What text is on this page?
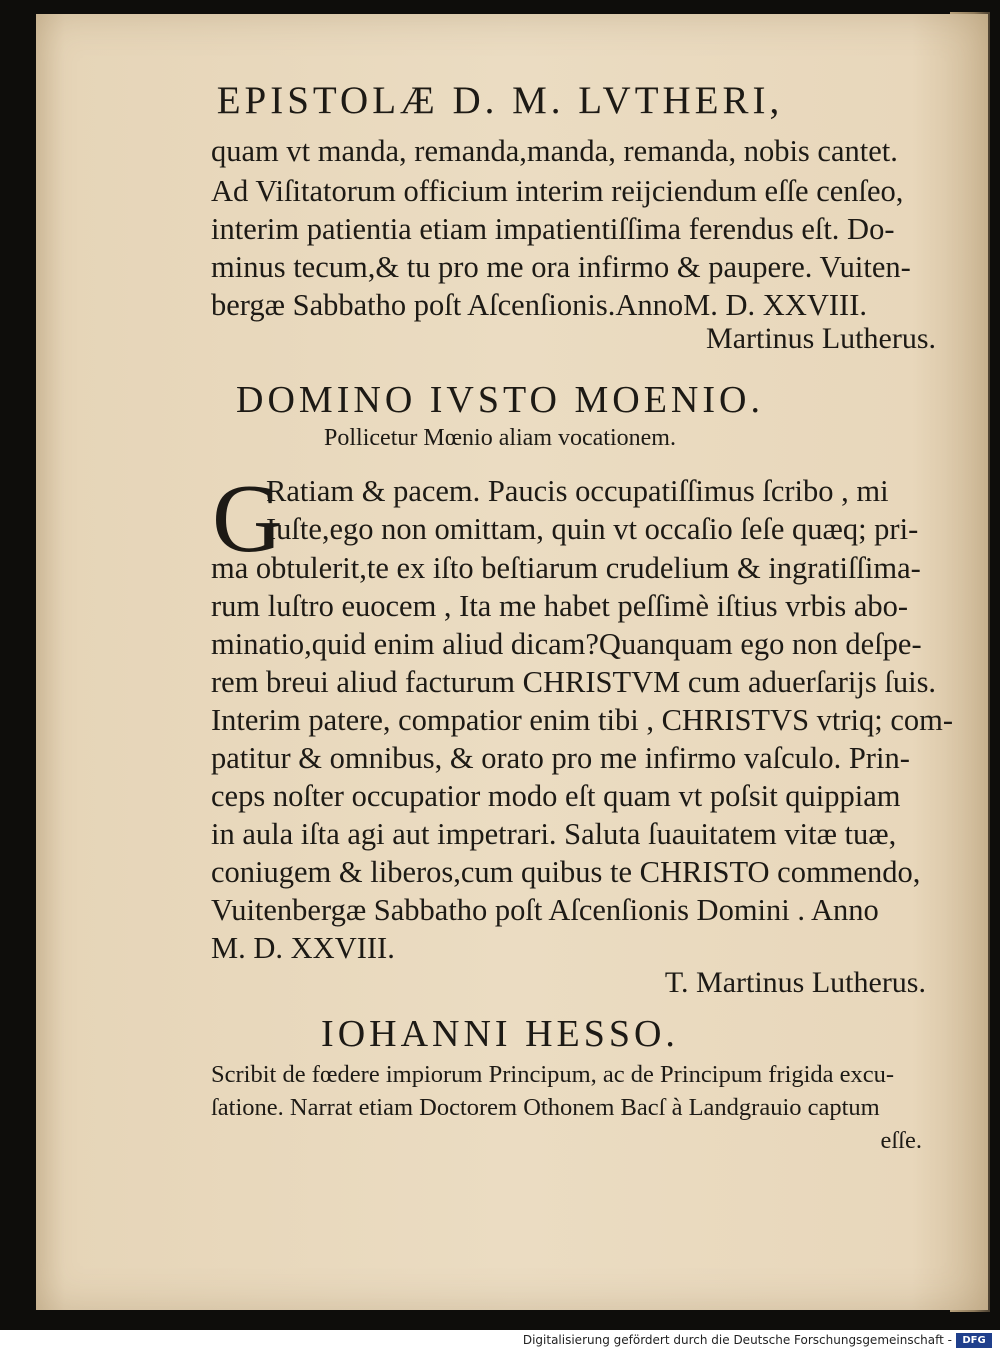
EPISTOLÆ D. M. LVTHERI,
quam vt manda, remanda,manda, remanda, nobis cantet.
Ad Viſitatorum officium interim reijciendum eſſe cenſeo,
interim patientia etiam impatientiſſima ferendus eſt. Do-
minus tecum,& tu pro me ora infirmo & paupere. Vuiten-
bergæ Sabbatho poſt Aſcenſionis.AnnoM. D. XXVIII.
Martinus Lutherus.
DOMINO IVSTO MOENIO.
Pollicetur Mœnio aliam vocationem.
G
Ratiam & pacem. Paucis occupatiſſimus ſcribo , mi
Iuſte,ego non omittam, quin vt occaſio ſeſe quæq; pri-
ma obtulerit,te ex iſto beſtiarum crudelium & ingratiſſima-
rum luſtro euocem , Ita me habet peſſimè iſtius vrbis abo-
minatio,quid enim aliud dicam?Quanquam ego non deſpe-
rem breui aliud facturum CHRISTVM cum aduerſarijs ſuis.
Interim patere, compatior enim tibi , CHRISTVS vtriq; com-
patitur & omnibus, & orato pro me infirmo vaſculo. Prin-
ceps noſter occupatior modo eſt quam vt poſsit quippiam
in aula iſta agi aut impetrari. Saluta ſuauitatem vitæ tuæ,
coniugem & liberos,cum quibus te CHRISTO commendo,
Vuitenbergæ Sabbatho poſt Aſcenſionis Domini . Anno
M. D. XXVIII.
T. Martinus Lutherus.
IOHANNI HESSO.
Scribit de fœdere impiorum Principum, ac de Principum frigida excu-
ſatione. Narrat etiam Doctorem Othonem Bacſ à Landgrauio captum
eſſe.
Digitalisierung gefördert durch die Deutsche Forschungsgemeinschaft -	DFG
